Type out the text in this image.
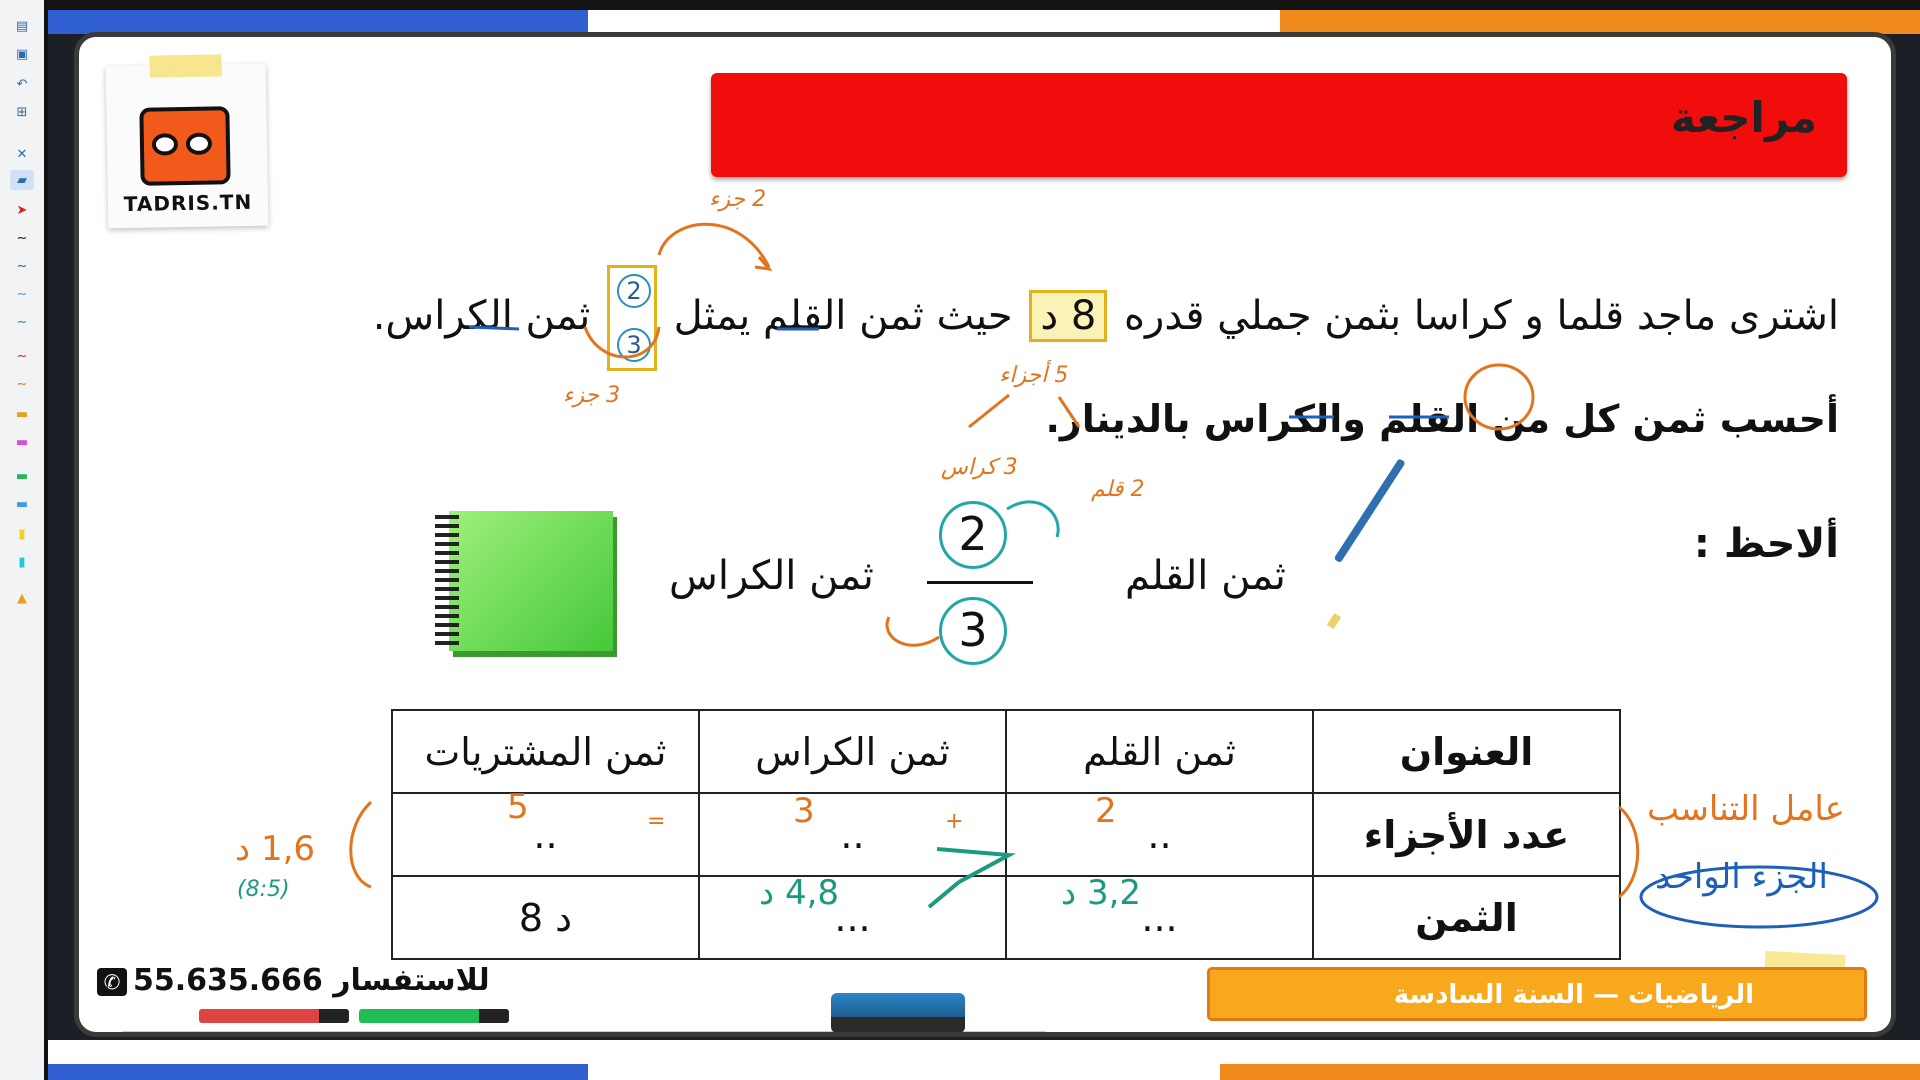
▤
▣
↶
⊞
✕
▰
➤
∼
∼
∼
∼
∼
∼
▬
▬
▬
▬
▮
▮
▲
TADRIS.TN
مراجعة
اشترى ماجد قلما و كراسا بثمن جملي قدره 8 د حيث ثمن القلم يمثل
$\frac{2}{3}$
ثمن الكراس.
أحسب ثمن كل من القلم والكراس بالدينار.
ألاحظ :
ثمن القلم
ثمن الكراس
2
3
ثمن المشتريات	ثمن الكراس	ثمن القلم	العنوان
..	..	..	عدد الأجزاء
8 د	...	...	الثمن
2 جزء
3 جزء
5 أجزاء
3 كراس
2 قلم
2
3
5	+
=
4,8 د	3,2 د
1,6 د
(8:5)
عامل التناسب
الجزء الواحد
✆ 55.635.666 للاستفسار	الرياضيات — السنة السادسة
